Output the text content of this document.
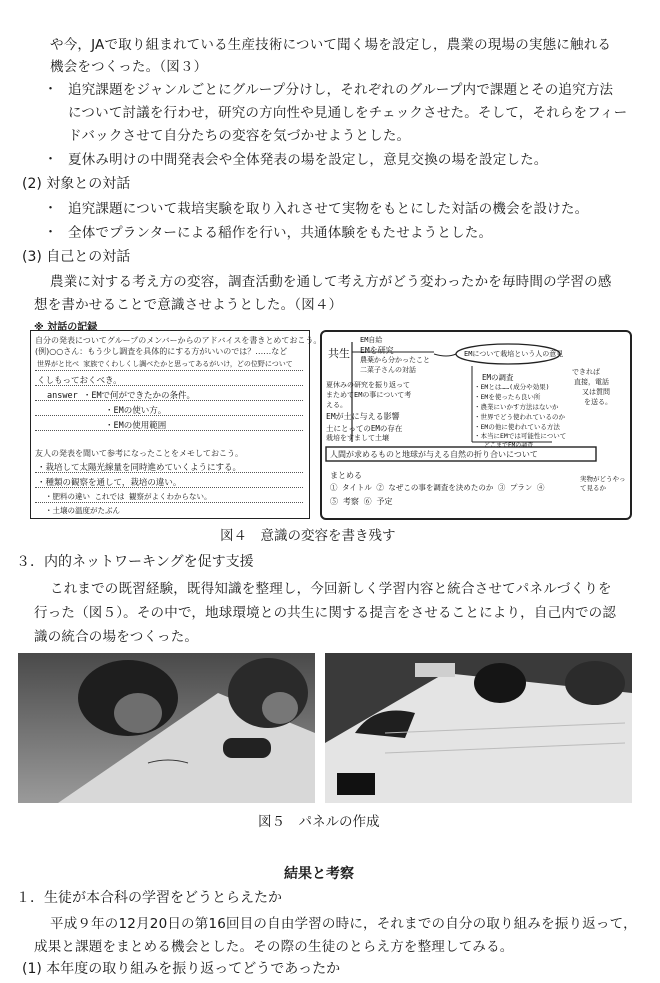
や今，JAで取り組まれている生産技術について聞く場を設定し，農業の現場の実態に触れる
機会をつくった。（図３）
・ 追究課題をジャンルごとにグループ分けし，それぞれのグループ内で課題とその追究方法
について討議を行わせ，研究の方向性や見通しをチェックさせた。そして，それらをフィー
ドバックさせて自分たちの変容を気づかせようとした。
・ 夏休み明けの中間発表会や全体発表の場を設定し，意見交換の場を設定した。
(2) 対象との対話
・ 追究課題について栽培実験を取り入れさせて実物をもとにした対話の機会を設けた。
・ 全体でプランターによる稲作を行い，共通体験をもたせようとした。
(3) 自己との対話
農業に対する考え方の変容，調査活動を通して考え方がどう変わったかを毎時間の学習の感
想を書かせることで意識させようとした。（図４）
※ 対話の記録
自分の発表についてグループのメンバーからのアドバイスを書きとめておこう。
(例)○○さん：もう少し調査を具体的にする方がいいのでは？……など
世界がと比べ 家族でくわしくし調べたかと思ってあるがいけ，どの位野について
くしもっておくべき。
answer ・EMで何ができたかの条件。
・EMの使い方。
・EMの使用範囲
友人の発表を聞いて参考になったことをメモしておこう。
・栽培して太陽光線量を同時進めていくようにする。
・種類の観察を通して，栽培の違い。
・肥料の違い これでは 観察がよくわからない。
・土壌の温度がたぶん
共生
EM自給
EMを研究
農薬から分かったこと
二菜子さんの対話
夏休みの研究を振り返って
まためてEMの事について考
える。
EMが土に与える影響
土にとってのEMの存在
栽培をすまして土壌
EMについて栽培という人の意見
EMの調査
できれば
直接，電話
又は質問
を送る。
・EMとは……(成分や効果)
・EMを使ったら良い所
・農業にいかす方法はないか
・世界でどう使われているのか
・EMの他に使われている方法
・本当にEMでは可能性について
どこまでEMの調査
人間が求めるものと地球が与える自然の折り合いについて
まとめる
① タイトル ② なぜこの事を調査を決めたのか ③ プラン ④
⑤ 考察 ⑥ 予定
実物がどうやって見るか
図４　意識の変容を書き残す
３．内的ネットワーキングを促す支援
これまでの既習経験，既得知識を整理し，今回新しく学習内容と統合させてパネルづくりを
行った（図５）。その中で，地球環境との共生に関する提言をさせることにより，自己内での認
識の統合の場をつくった。
図５　パネルの作成
結果と考察
１．生徒が本合科の学習をどうとらえたか
平成９年の12月20日の第16回目の自由学習の時に，それまでの自分の取り組みを振り返って，
成果と課題をまとめる機会とした。その際の生徒のとらえ方を整理してみる。
(1) 本年度の取り組みを振り返ってどうであったか
